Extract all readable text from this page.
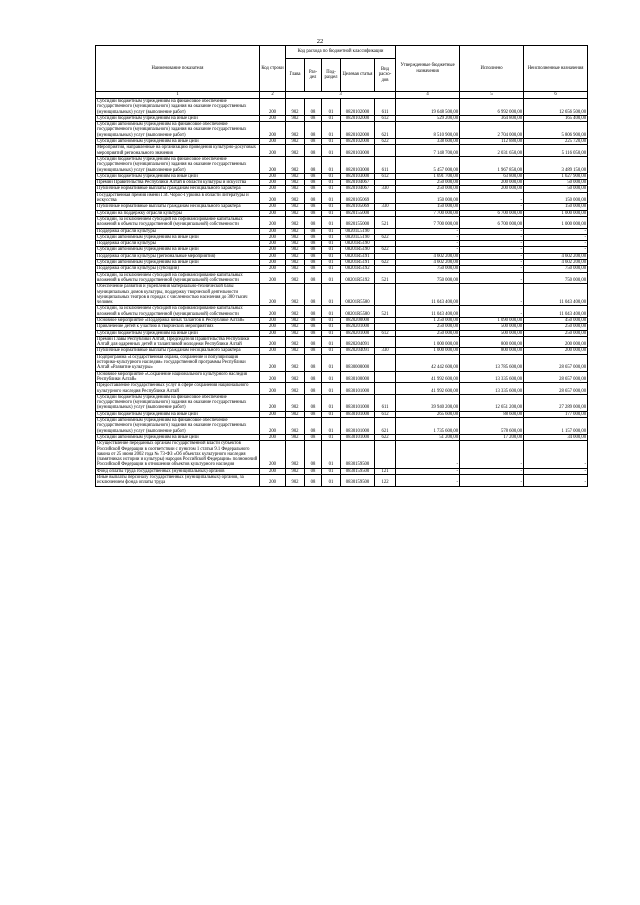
22
Наименование показателя	Код строки	Код расхода по бюджетной классификации					Утвержденные бюджетные назначения	Исполнено	Неисполненные назначения
		Глава	Раз-дел	Под-раздел	Целевая статья	Вид расхо-дов			
1	2	3					4	5	6
Субсидии бюджетным учреждениям на финансовое обеспечение государственного (муниципального) задания на оказание государственных (муниципальных) услуг (выполнение работ)	200	902	08	01	0820102000	611	19 648 500,00	6 992 000,00	12 656 500,00
Субсидии бюджетным учреждениям на иные цели	200	902	08	01	0820102000	612	529 200,00	364 800,00	165 400,00
Субсидии автономным учреждениям на финансовое обеспечение государственного (муниципального) задания на оказание государственных (муниципальных) услуг (выполнение работ)	200	902	08	01	0820102000	621	8 510 900,00	2 704 000,00	5 806 900,00
Субсидии автономным учреждениям на иные цели	200	902	08	01	0820102000	622	338 600,00	112 880,00	225 720,00
Мероприятия, направленные на организацию проведения культурно-досуговых мероприятий регионального значения	200	902	08	01	0820103000		7 148 700,00	2 031 650,00	5 116 050,00
Субсидии бюджетным учреждениям на финансовое обеспечение государственного (муниципального) задания на оказание государственных (муниципальных) услуг (выполнение работ)	200	902	08	01	0820103000	611	5 457 000,00	1 967 850,00	3 489 150,00
Субсидии бюджетным учреждениям на иные цели	200	902	08	01	0820103000	612	1 691 700,00	63 800,00	1 627 900,00
Премии Правительства Республики Алтай в области культуры и искусства	200	902	08	01	0820104067		250 000,00	200 000,00	50 000,00
Публичные нормативные выплаты гражданам несоциального характера	200	902	08	01	0820104067	330	250 000,00	200 000,00	50 000,00
Государственная премия имени Г.И. Чорос-Гуркина в области литературы и искусства	200	902	08	01	0820105069		150 000,00	-	150 000,00
Публичные нормативные выплаты гражданам несоциального характера	200	902	08	01	0820105069	330	150 000,00	-	150 000,00
Субсидии на поддержку отрасли культуры	200	902	08	01	0820155000		7 700 000,00	6 700 000,00	1 000 000,00
Субсидии, за исключением субсидий на софинансирование капитальных вложений в объекты государственной (муниципальной) собственности	200	902	08	01	0820155000	521	7 700 000,00	6 700 000,00	1 000 000,00
Поддержка отрасли культуры	200	902	08	01	08201L5190		-	-	-
Субсидии автономным учреждениям на иные цели	200	902	08	01	08201L5190	622	-	-	-
Поддержка отрасли культуры	200	902	08	01	08201R5190		-	-	-
Субсидии автономным учреждениям на иные цели	200	902	08	01	08201R5190	622	-	-	-
Поддержка отрасли культуры (региональные мероприятия)	200	902	08	01	08201R5191		4 602 200,00	-	4 602 200,00
Субсидии автономным учреждениям на иные цели	200	902	08	01	08201R5191	622	4 602 200,00	-	4 602 200,00
Поддержка отрасли культуры (субсидии)	200	902	08	01	08201R5192		750 000,00	-	750 000,00
Субсидии, за исключением субсидий на софинансирование капитальных вложений в объекты государственной (муниципальной) собственности	200	902	08	01	08201R5192	521	750 000,00	-	750 000,00
Обеспечение развития и укрепления материально-технической базы муниципальных домов культуры, поддержку творческой деятельности муниципальных театров в городах с численностью населения до 300 тысяч человек	200	902	08	01	08201R5580		11 043 400,00	-	11 043 400,00
Субсидии, за исключением субсидий на софинансирование капитальных вложений в объекты государственной (муниципальной) собственности	200	902	08	01	08201R5580	521	11 043 400,00	-	11 043 400,00
Основное мероприятие «Поддержка юных талантов в Республике Алтай»	200	902	08	01	0820200000		1 250 000,00	1 090 000,00	450 000,00
Привлечение детей к участию в творческих мероприятиях	200	902	08	01	0820201000		250 000,00	500 000,00	250 000,00
Субсидии бюджетным учреждениям на иные цели	200	902	08	01	0820201000	612	250 000,00	500 000,00	250 000,00
Премии Главы Республики Алтай, Председателя Правительства Республики Алтай для одаренных детей и талантливой молодежи Республики Алтай	200	902	08	01	0820204091		1 000 000,00	800 000,00	200 000,00
Публичные нормативные выплаты гражданам несоциального характера	200	902	08	01	0820204091	330	1 000 000,00	800 000,00	200 000,00
Подпрограмма «Государственная охрана, сохранение и популяризация историко-культурного наследия» государственной программы Республики Алтай «Развитие культуры»	200	902	08	01	0830000000		42 442 600,00	13 785 600,00	28 657 000,00
Основное мероприятие «Сохранение национального культурного наследия Республики Алтай»	200	902	08	01	0830100000		41 992 600,00	13 335 600,00	28 657 000,00
Предоставление государственных услуг в сфере сохранения национального культурного наследия Республики Алтай	200	902	08	01	0830101000		41 992 600,00	13 335 600,00	28 657 000,00
Субсидии бюджетным учреждениям на финансовое обеспечение государственного (муниципального) задания на оказание государственных (муниципальных) услуг (выполнение работ)	200	902	08	01	0830101000	611	39 940 200,00	12 651 200,00	27 289 000,00
Субсидии бюджетным учреждениям на иные цели	200	902	08	01	0830101000	612	265 600,00	88 600,00	177 000,00
Субсидии автономным учреждениям на финансовое обеспечение государственного (муниципального) задания на оказание государственных (муниципальных) услуг (выполнение работ)	200	902	08	01	0830101000	621	1 735 600,00	578 600,00	1 157 000,00
Субсидии автономным учреждениям на иные цели	200	902	08	01	0830101000	622	51 200,00	17 200,00	34 000,00
Осуществление переданных органам государственной власти субъектов Российской Федерации в соответствии с пунктом 1 статьи 9.1 Федерального закона от 25 июня 2002 года № 73-ФЗ «Об объектах культурного наследия (памятниках истории и культуры) народов Российской Федерации» полномочий Российской Федерации в отношении объектов культурного наследия	200	902	08	01	0830159500		-	-	-
Фонд оплаты труда государственных (муниципальных) органов	200	902	08	01	0830159500	121	-	-	-
Иные выплаты персоналу государственных (муниципальных) органов, за исключением фонда оплаты труда	200	902	08	01	0830159500	122	-	-	-
